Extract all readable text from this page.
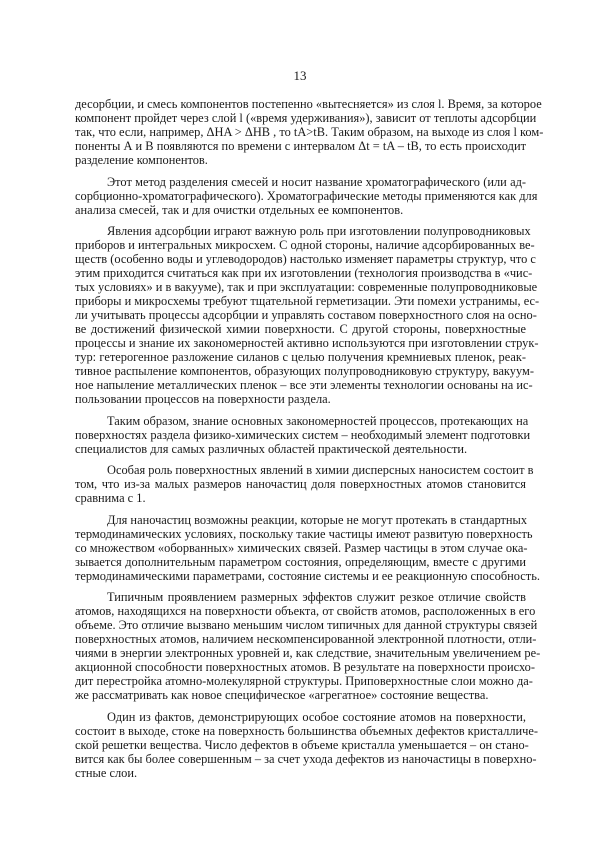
13

десорбции, и смесь компонентов постепенно «вытесняется» из слоя l. Время, за которое
компонент пройдет через слой l («время удерживания»), зависит от теплоты адсорбции
так, что если, например, ΔHA > ΔHB , то tA>tB. Таким образом, на выходе из слоя l ком-
поненты А и В появляются по времени с интервалом Δt = tA – tB, то есть происходит
разделение компонентов.

Этот метод разделения смесей и носит название хроматографического (или ад-
сорбционно-хроматографического). Хроматографические методы применяются как для
анализа смесей, так и для очистки отдельных ее компонентов.

Явления адсорбции играют важную роль при изготовлении полупроводниковых
приборов и интегральных микросхем. С одной стороны, наличие адсорбированных ве-
ществ (особенно воды и углеводородов) настолько изменяет параметры структур, что с
этим приходится считаться как при их изготовлении (технология производства в «чис-
тых условиях» и в вакууме), так и при эксплуатации: современные полупроводниковые
приборы и микросхемы требуют тщательной герметизации. Эти помехи устранимы, ес-
ли учитывать процессы адсорбции и управлять составом поверхностного слоя на осно-
ве достижений физической химии поверхности. С другой стороны, поверхностные
процессы и знание их закономерностей активно используются при изготовлении струк-
тур: гетерогенное разложение силанов с целью получения кремниевых пленок, реак-
тивное распыление компонентов, образующих полупроводниковую структуру, вакуум-
ное напыление металлических пленок – все эти элементы технологии основаны на ис-
пользовании процессов на поверхности раздела.

Таким образом, знание основных закономерностей процессов, протекающих на
поверхностях раздела физико-химических систем – необходимый элемент подготовки
специалистов для самых различных областей практической деятельности.

Особая роль поверхностных явлений в химии дисперсных наносистем состоит в
том, что из-за малых размеров наночастиц доля поверхностных атомов становится
сравнима с 1.

Для наночастиц возможны реакции, которые не могут протекать в стандартных
термодинамических условиях, поскольку такие частицы имеют развитую поверхность
со множеством «оборванных» химических связей. Размер частицы в этом случае ока-
зывается дополнительным параметром состояния, определяющим, вместе с другими
термодинамическими параметрами, состояние системы и ее реакционную способность.

Типичным проявлением размерных эффектов служит резкое отличие свойств
атомов, находящихся на поверхности объекта, от свойств атомов, расположенных в его
объеме. Это отличие вызвано меньшим числом типичных для данной структуры связей
поверхностных атомов, наличием нескомпенсированной электронной плотности, отли-
чиями в энергии электронных уровней и, как следствие, значительным увеличением ре-
акционной способности поверхностных атомов. В результате на поверхности происхо-
дит перестройка атомно-молекулярной структуры. Приповерхностные слои можно да-
же рассматривать как новое специфическое «агрегатное» состояние вещества.

Один из фактов, демонстрирующих особое состояние атомов на поверхности,
состоит в выходе, стоке на поверхность большинства объемных дефектов кристалличе-
ской решетки вещества. Число дефектов в объеме кристалла уменьшается – он стано-
вится как бы более совершенным – за счет ухода дефектов из наночастицы в поверхно-
стные слои.
